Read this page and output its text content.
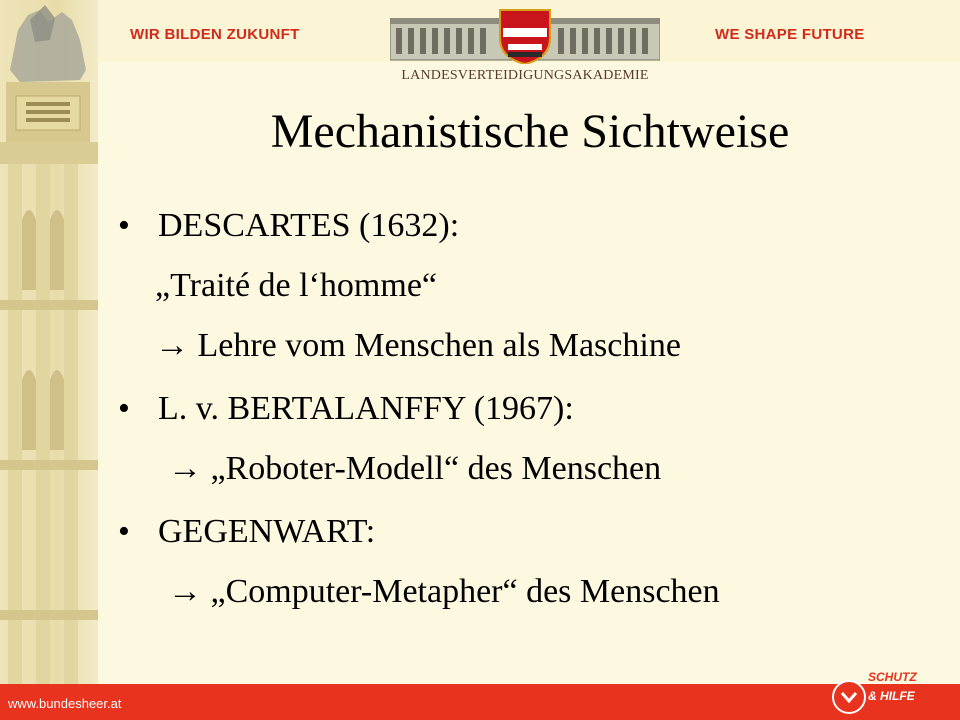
WIR BILDEN ZUKUNFT	WE SHAPE FUTURE
LANDESVERTEIDIGUNGSAKADEMIE
Mechanistische Sichtweise
• DESCARTES (1632):
„Traité de l‘homme“
→ Lehre vom Menschen als Maschine
• L. v. BERTALANFFY (1967):
→ „Roboter-Modell“ des Menschen
• GEGENWART:
→ „Computer-Metapher“ des Menschen
www.bundesheer.at
SCHUTZ
& HILFE
